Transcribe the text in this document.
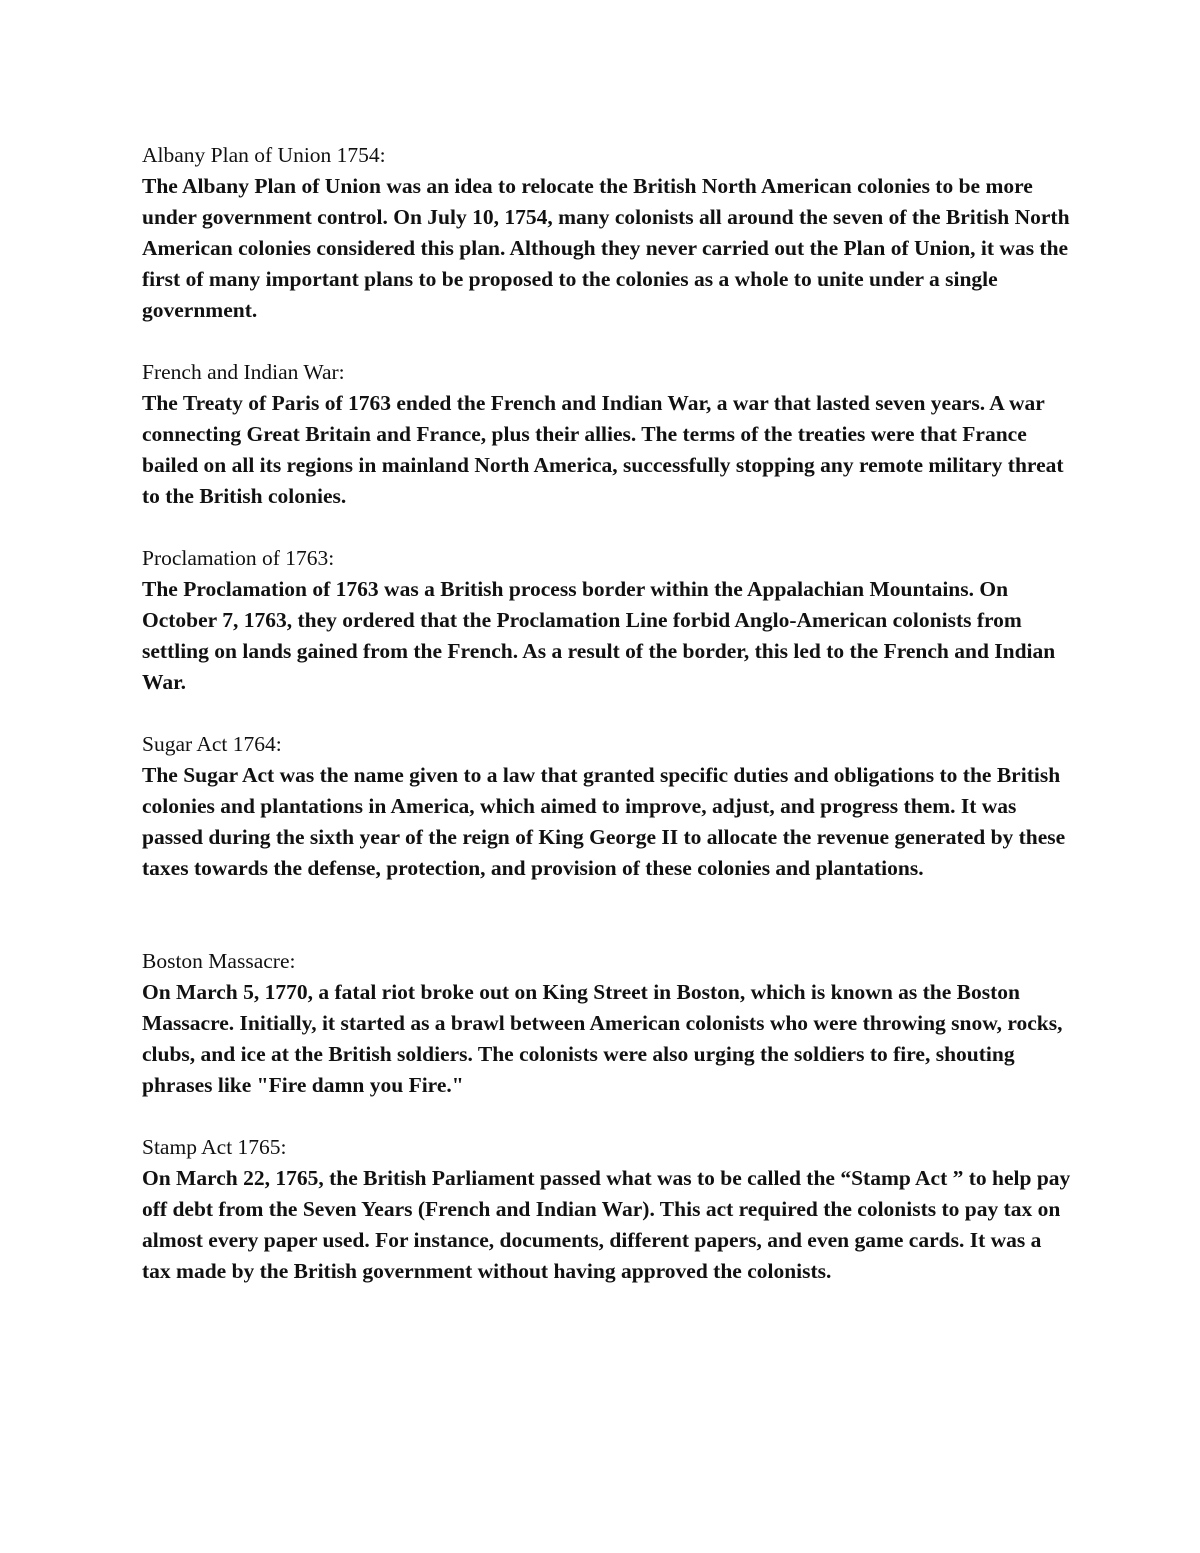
Albany Plan of Union 1754:
The Albany Plan of Union was an idea to relocate the British North American colonies to be more under government control. On July 10, 1754, many colonists all around the seven of the British North American colonies considered this plan. Although they never carried out the Plan of Union, it was the first of many important plans to be proposed to the colonies as a whole to unite under a single government.
French and Indian War:
The Treaty of Paris of 1763 ended the French and Indian War, a war that lasted seven years. A war connecting Great Britain and France, plus their allies. The terms of the treaties were that France bailed on all its regions in mainland North America, successfully stopping any remote military threat to the British colonies.
Proclamation of 1763:
The Proclamation of 1763 was a British process border within the Appalachian Mountains. On October 7, 1763, they ordered that the Proclamation Line forbid Anglo-American colonists from settling on lands gained from the French. As a result of the border, this led to the French and Indian War.
Sugar Act 1764:
The Sugar Act was the name given to a law that granted specific duties and obligations to the British colonies and plantations in America, which aimed to improve, adjust, and progress them. It was passed during the sixth year of the reign of King George II to allocate the revenue generated by these taxes towards the defense, protection, and provision of these colonies and plantations.
Boston Massacre:
On March 5, 1770, a fatal riot broke out on King Street in Boston, which is known as the Boston Massacre. Initially, it started as a brawl between American colonists who were throwing snow, rocks, clubs, and ice at the British soldiers. The colonists were also urging the soldiers to fire, shouting phrases like "Fire damn you Fire."
Stamp Act 1765:
On March 22, 1765, the British Parliament passed what was to be called the “Stamp Act ” to help pay off debt from the Seven Years (French and Indian War). This act required the colonists to pay tax on almost every paper used. For instance, documents, different papers, and even game cards. It was a tax made by the British government without having approved the colonists.
